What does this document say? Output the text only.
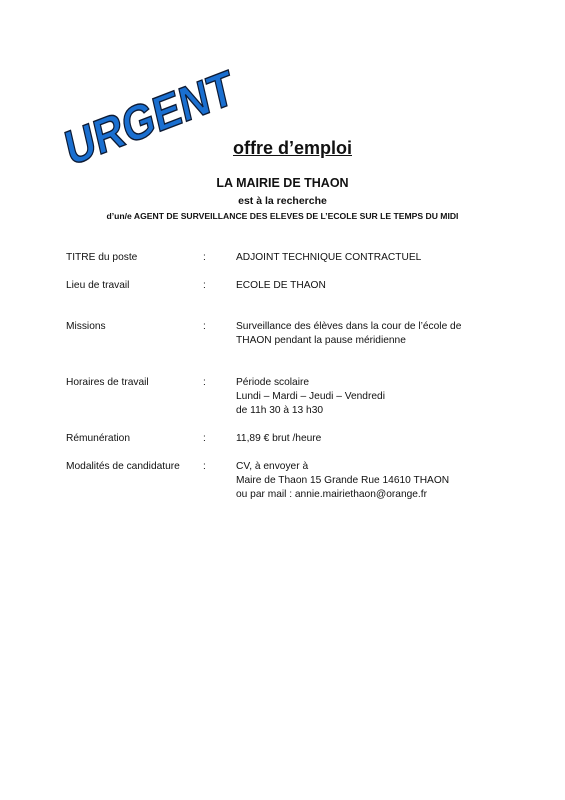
URGENT
offre d’emploi
LA MAIRIE DE THAON
est à la recherche
d’un/e AGENT DE SURVEILLANCE DES ELEVES DE L’ECOLE SUR LE TEMPS DU MIDI
TITRE du poste	:	ADJOINT TECHNIQUE CONTRACTUEL
Lieu de travail	:	ECOLE DE THAON
Missions	:	Surveillance des élèves dans la cour de l’école de
THAON pendant la pause méridienne
Horaires de travail	:	Période scolaire
Lundi – Mardi – Jeudi – Vendredi
de 11h 30 à 13 h30
Rémunération	:	11,89 € brut /heure
Modalités de candidature	:	CV, à envoyer à
Maire de Thaon 15 Grande Rue 14610 THAON
ou par mail : annie.mairiethaon@orange.fr
